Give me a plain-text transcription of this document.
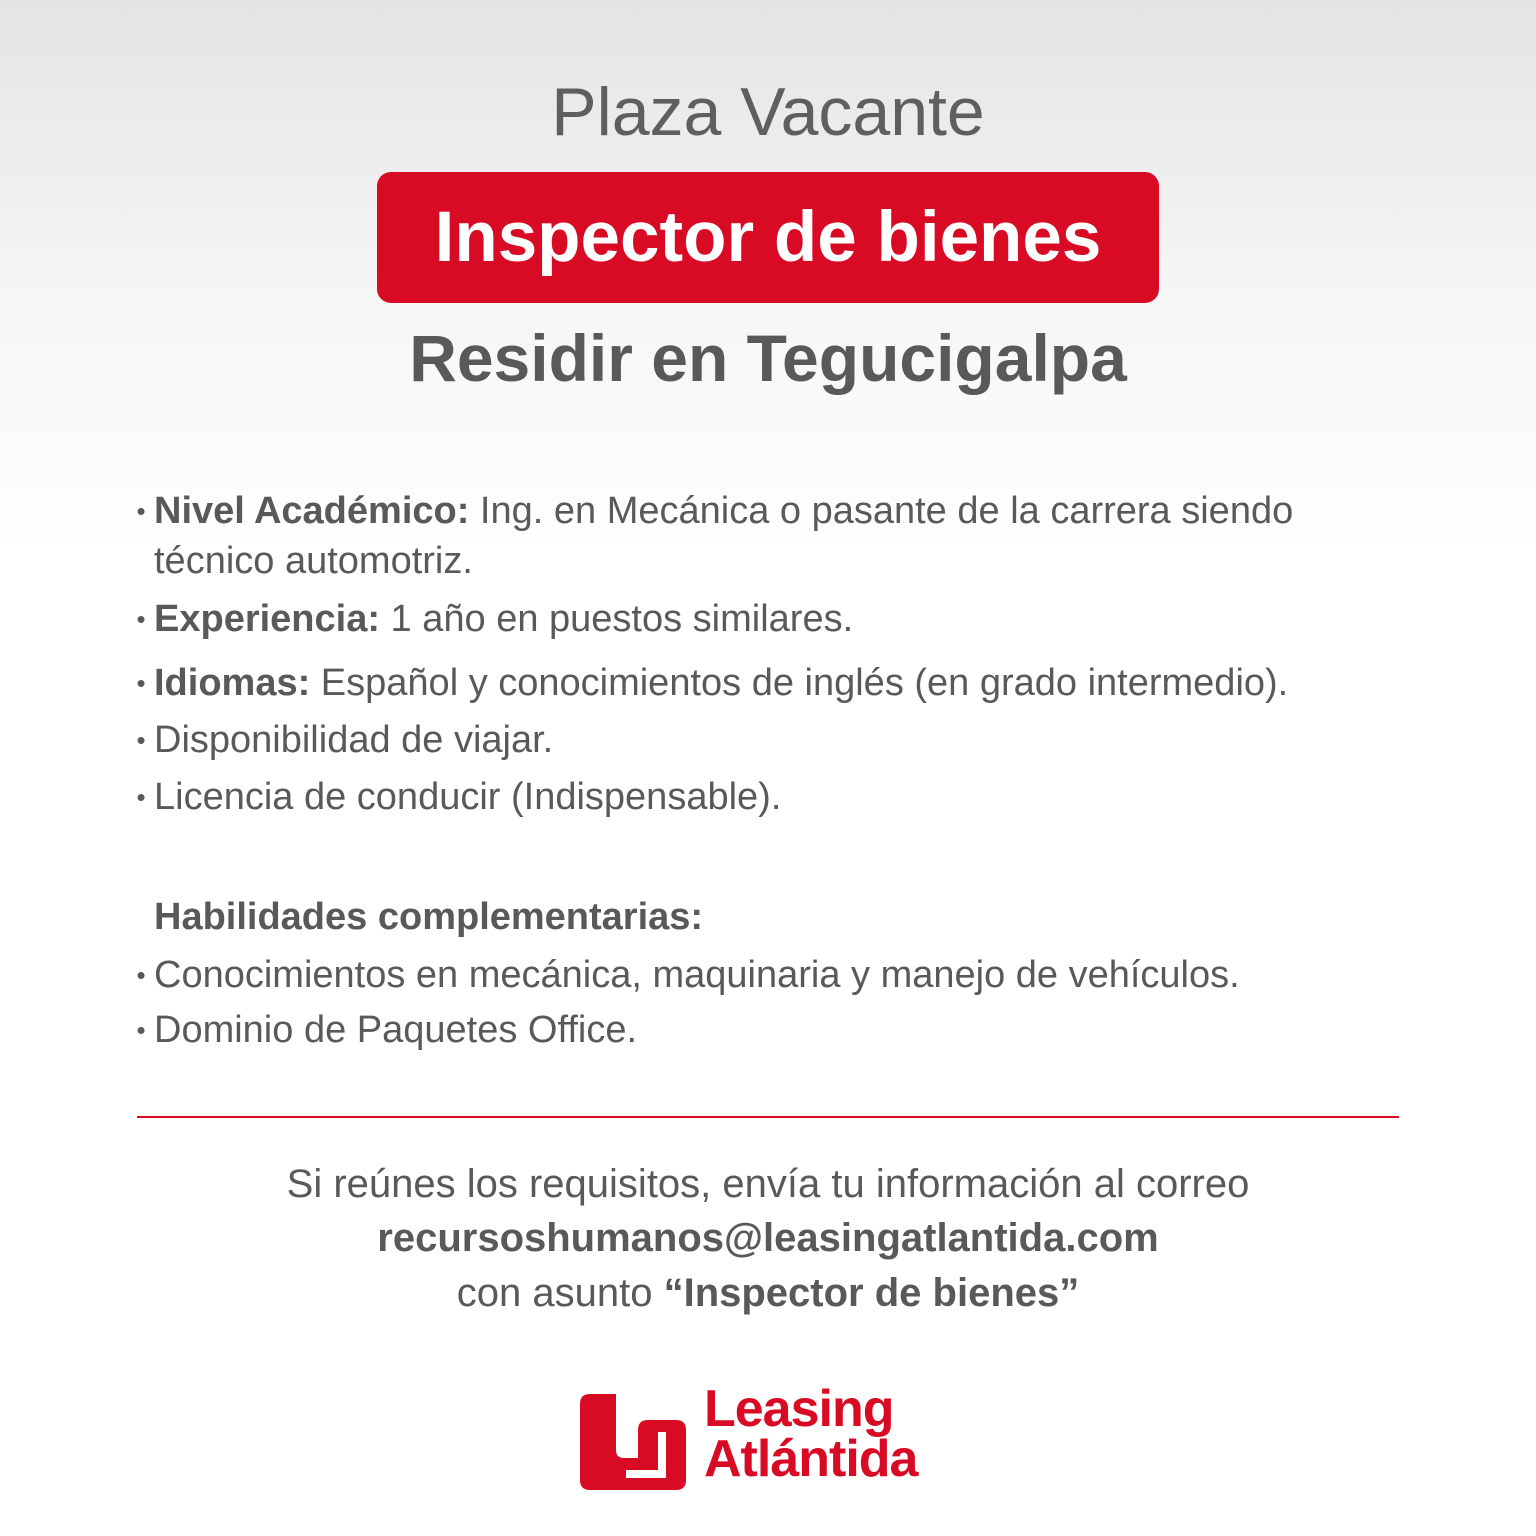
Plaza Vacante
Inspector de bienes
Residir en Tegucigalpa
• Nivel Académico: Ing. en Mecánica o pasante de la carrera siendo técnico automotriz.
• Experiencia: 1 año en puestos similares.
• Idiomas: Español y conocimientos de inglés (en grado intermedio).
• Disponibilidad de viajar.
• Licencia de conducir (Indispensable).
Habilidades complementarias:
• Conocimientos en mecánica, maquinaria y manejo de vehículos.
• Dominio de Paquetes Office.
Si reúnes los requisitos, envía tu información al correo
recursoshumanos@leasingatlantida.com
con asunto “Inspector de bienes”
Leasing
Atlántida
